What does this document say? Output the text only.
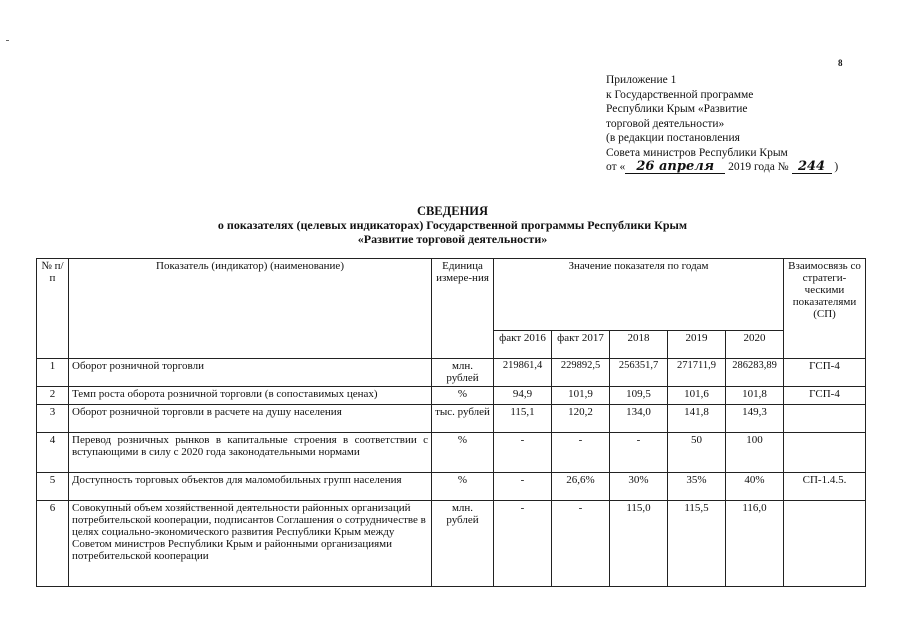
8
Приложение 1
к Государственной программе
Республики Крым «Развитие
торговой деятельности»
(в редакции постановления
Совета министров Республики Крым
от « 26 апреля 2019 года № 244 )
СВЕДЕНИЯ
о показателях (целевых индикаторах) Государственной программы Республики Крым
«Развитие торговой деятельности»
№ п/п	Показатель (индикатор) (наименование)	Единица измере-ния	Значение показателя по годам					Взаимосвязь со стратеги-ческими показателями (СП)
			факт 2016	факт 2017	2018	2019	2020	
1	Оборот розничной торговли	млн. рублей	219861,4	229892,5	256351,7	271711,9	286283,89	ГСП-4
2	Темп роста оборота розничной торговли (в сопоставимых ценах)	%	94,9	101,9	109,5	101,6	101,8	ГСП-4
3	Оборот розничной торговли в расчете на душу населения	тыс. рублей	115,1	120,2	134,0	141,8	149,3	
4	Перевод розничных рынков в капитальные строения в соответствии с вступающими в силу с 2020 года законодательными нормами	%	-	-	-	50	100	
5	Доступность торговых объектов для маломобильных групп населения	%	-	26,6%	30%	35%	40%	СП-1.4.5.
6	Совокупный объем хозяйственной деятельности районных организаций потребительской кооперации, подписантов Соглашения о сотрудничестве в целях социально-экономического развития Республики Крым между Советом министров Республики Крым и районными организациями потребительской кооперации	млн. рублей	-	-	115,0	115,5	116,0	
